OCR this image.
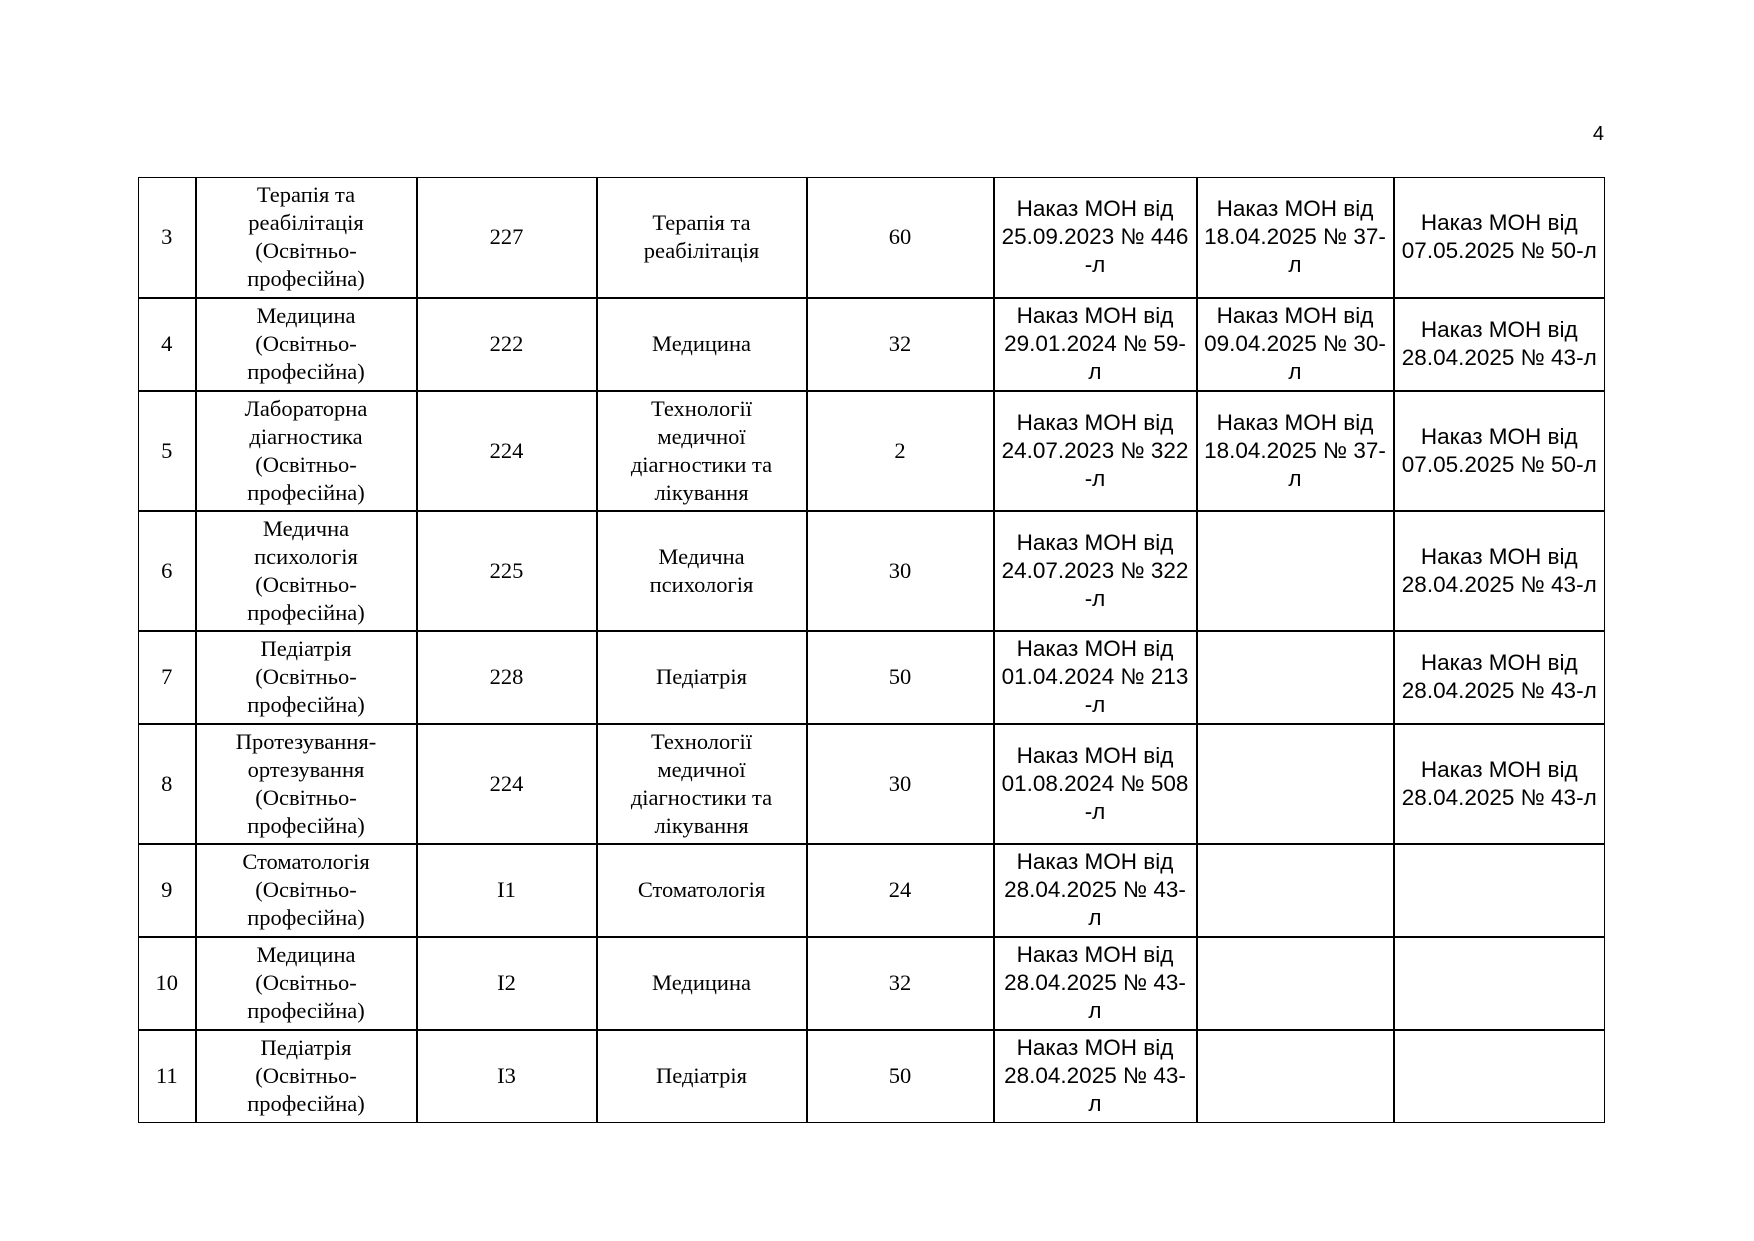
4
3	Терапія та
реабілітація
(Освітньо-
професійна)	227	Терапія та
реабілітація	60	Наказ МОН від
25.09.2023 № 446
-л	Наказ МОН від
18.04.2025 № 37-
л	Наказ МОН від
07.05.2025 № 50-л

4	Медицина
(Освітньо-
професійна)	222	Медицина	32	Наказ МОН від
29.01.2024 № 59-
л	Наказ МОН від
09.04.2025 № 30-
л	Наказ МОН від
28.04.2025 № 43-л

5	Лабораторна
діагностика
(Освітньо-
професійна)	224	Технології
медичної
діагностики та
лікування	2	Наказ МОН від
24.07.2023 № 322
-л	Наказ МОН від
18.04.2025 № 37-
л	Наказ МОН від
07.05.2025 № 50-л

6	Медична
психологія
(Освітньо-
професійна)	225	Медична
психологія	30	Наказ МОН від
24.07.2023 № 322
-л		Наказ МОН від
28.04.2025 № 43-л

7	Педіатрія
(Освітньо-
професійна)	228	Педіатрія	50	Наказ МОН від
01.04.2024 № 213
-л		Наказ МОН від
28.04.2025 № 43-л

8	Протезування-
ортезування
(Освітньо-
професійна)	224	Технології
медичної
діагностики та
лікування	30	Наказ МОН від
01.08.2024 № 508
-л		Наказ МОН від
28.04.2025 № 43-л

9	Стоматологія
(Освітньо-
професійна)	I1	Стоматологія	24	Наказ МОН від
28.04.2025 № 43-
л		

10	Медицина
(Освітньо-
професійна)	I2	Медицина	32	Наказ МОН від
28.04.2025 № 43-
л		

11	Педіатрія
(Освітньо-
професійна)	I3	Педіатрія	50	Наказ МОН від
28.04.2025 № 43-
л		
